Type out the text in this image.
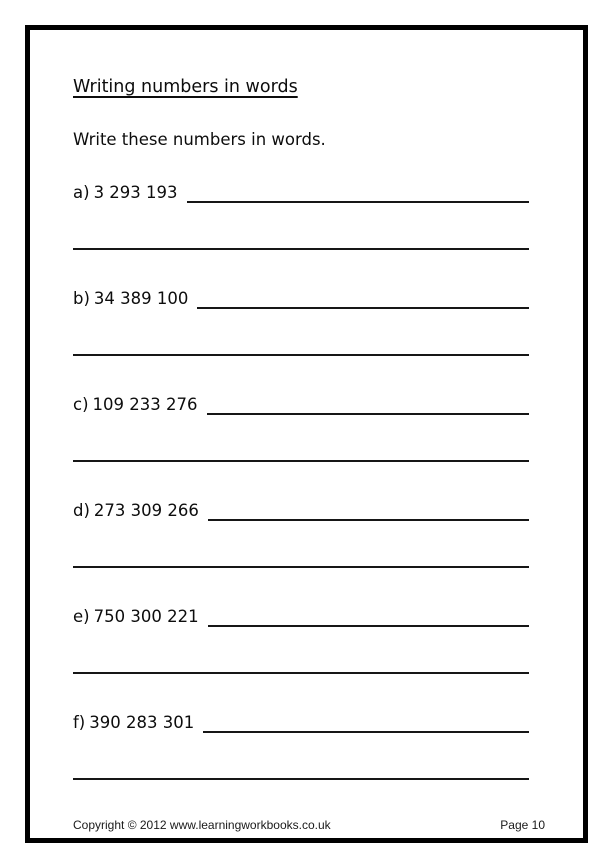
Writing numbers in words
Write these numbers in words.
a) 3 293 193
b) 34 389 100
c) 109 233 276
d) 273 309 266
e) 750 300 221
f) 390 283 301
Copyright © 2012 www.learningworkbooks.co.uk	Page 10
